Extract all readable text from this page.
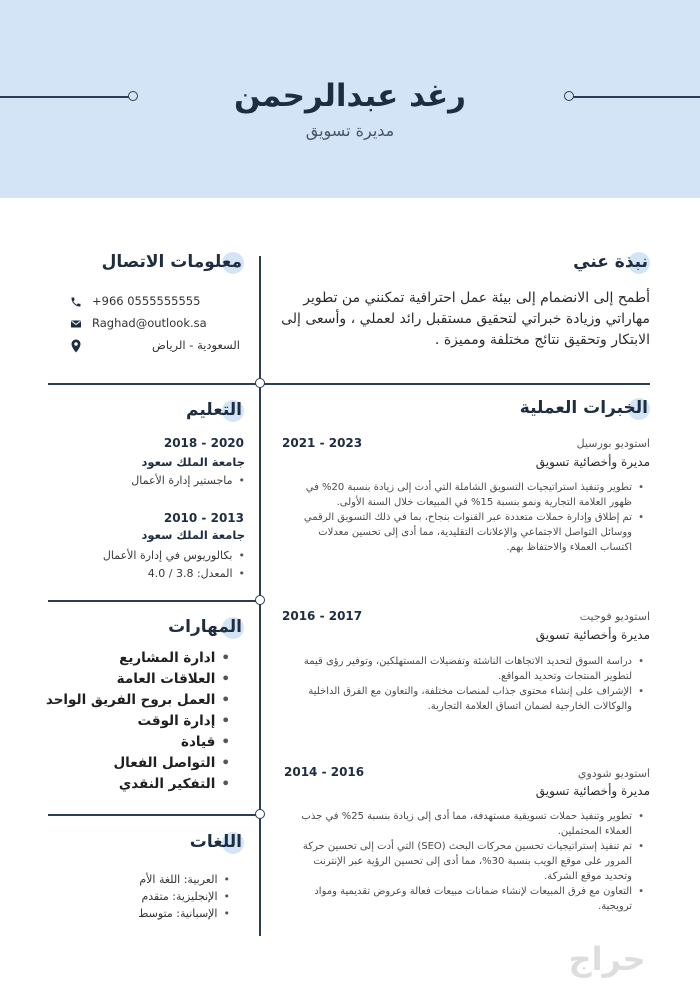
رغد عبدالرحمن
مديرة تسويق
معلومات الاتصال
+966 0555555555
Raghad@outlook.sa
السعودية - الرياض
نبذة عني
أطمح إلى الانضمام إلى بيئة عمل احترافية تمكنني من تطوير مهاراتي وزيادة خبراتي لتحقيق مستقبل رائد لعملي ، وأسعى إلى الابتكار وتحقيق نتائج مختلفة ومميزة .
التعليم
2018 - 2020
جامعة الملك سعود
• ماجستير إدارة الأعمال
2010 - 2013
جامعة الملك سعود
• بكالوريوس في إدارة الأعمال
• المعدل: 3.8 / 4.0
المهارات
• ادارة المشاريع
• العلاقات العامة
• العمل بروح الفريق الواحد
• إدارة الوقت
• قيادة
• التواصل الفعال
• التفكير النقدي
اللغات
• العربية: اللغة الأم
• الإنجليزية: متقدم
• الإسبانية: متوسط
الخبرات العملية
2021 - 2023	استوديو بورسيل
مديرة وأخصائية تسويق
• تطوير وتنفيذ استراتيجيات التسويق الشاملة التي أدت إلى زيادة بنسبة 20% في ظهور العلامة التجارية ونمو بنسبة 15% في المبيعات خلال السنة الأولى.
• تم إطلاق وإدارة حملات متعددة عبر القنوات بنجاح، بما في ذلك التسويق الرقمي ووسائل التواصل الاجتماعي والإعلانات التقليدية، مما أدى إلى تحسين معدلات اكتساب العملاء والاحتفاظ بهم.
2016 - 2017	استوديو فوجيت
مديرة وأخصائية تسويق
• دراسة السوق لتحديد الاتجاهات الناشئة وتفضيلات المستهلكين، وتوفير رؤى قيمة لتطوير المنتجات وتحديد المواقع.
• الإشراف على إنشاء محتوى جذاب لمنصات مختلفة، والتعاون مع الفرق الداخلية والوكالات الخارجية لضمان اتساق العلامة التجارية.
2014 - 2016	استوديو شودوي
مديرة وأخصائية تسويق
• تطوير وتنفيذ حملات تسويقية مستهدفة، مما أدى إلى زيادة بنسبة 25% في جذب العملاء المحتملين.
• تم تنفيذ إستراتيجيات تحسين محركات البحث (SEO) التي أدت إلى تحسين حركة المرور على موقع الويب بنسبة 30%، مما أدى إلى تحسين الرؤية عبر الإنترنت وتحديد موقع الشركة.
• التعاون مع فرق المبيعات لإنشاء ضمانات مبيعات فعالة وعروض تقديمية ومواد ترويجية.
حراج
